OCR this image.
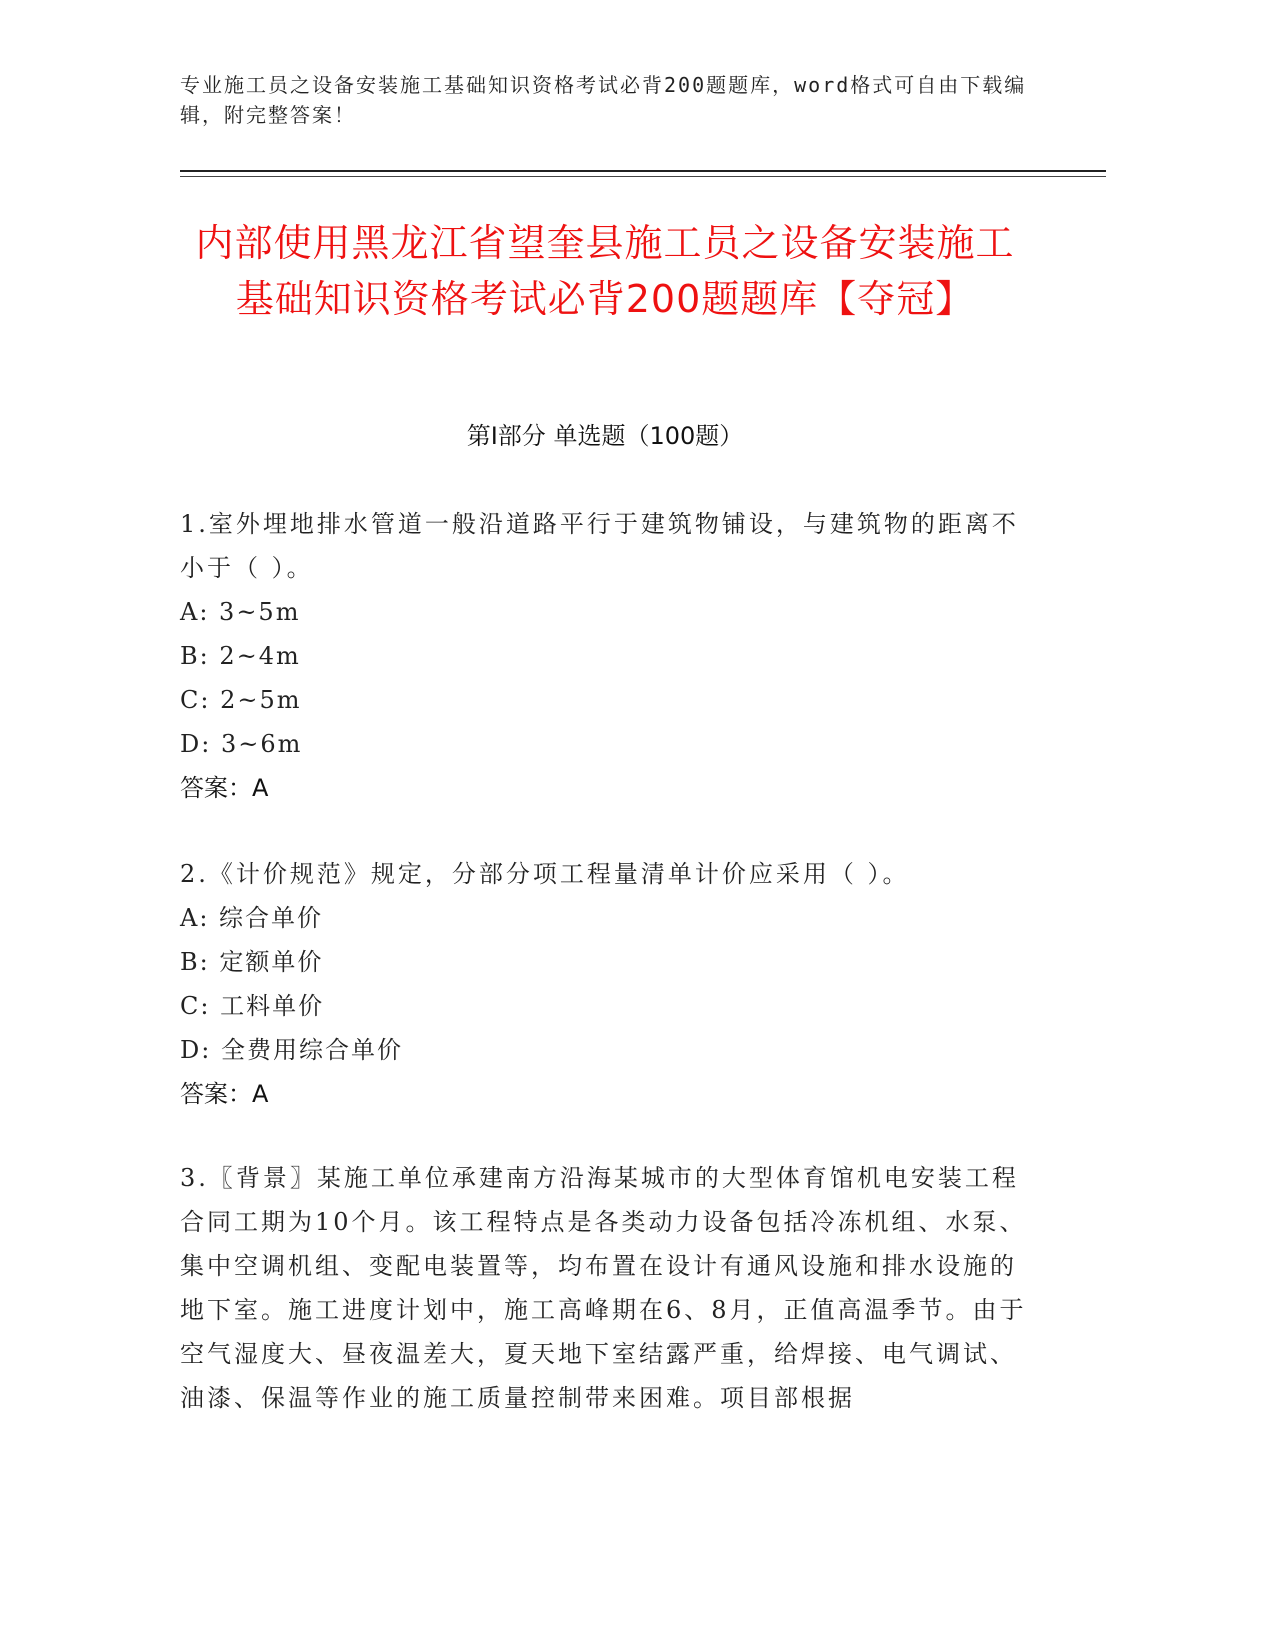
专业施工员之设备安装施工基础知识资格考试必背200题题库，word格式可自由下载编辑，附完整答案！

内部使用黑龙江省望奎县施工员之设备安装施工基础知识资格考试必背200题题库【夺冠】
第I部分 单选题（100题）

1.室外埋地排水管道一般沿道路平行于建筑物铺设，与建筑物的距离不小于（ ）。

A: 3~5m

B: 2~4m

C: 2~5m

D: 3~6m

答案：A

2.《计价规范》规定，分部分项工程量清单计价应采用（ ）。

A: 综合单价

B: 定额单价

C: 工料单价

D: 全费用综合单价

答案：A

3.〖背景〗某施工单位承建南方沿海某城市的大型体育馆机电安装工程合同工期为10个月。该工程特点是各类动力设备包括冷冻机组、水泵、集中空调机组、变配电装置等，均布置在设计有通风设施和排水设施的地下室。施工进度计划中，施工高峰期在6、8月，正值高温季节。由于空气湿度大、昼夜温差大，夏天地下室结露严重，给焊接、电气调试、油漆、保温等作业的施工质量控制带来困难。项目部根据
